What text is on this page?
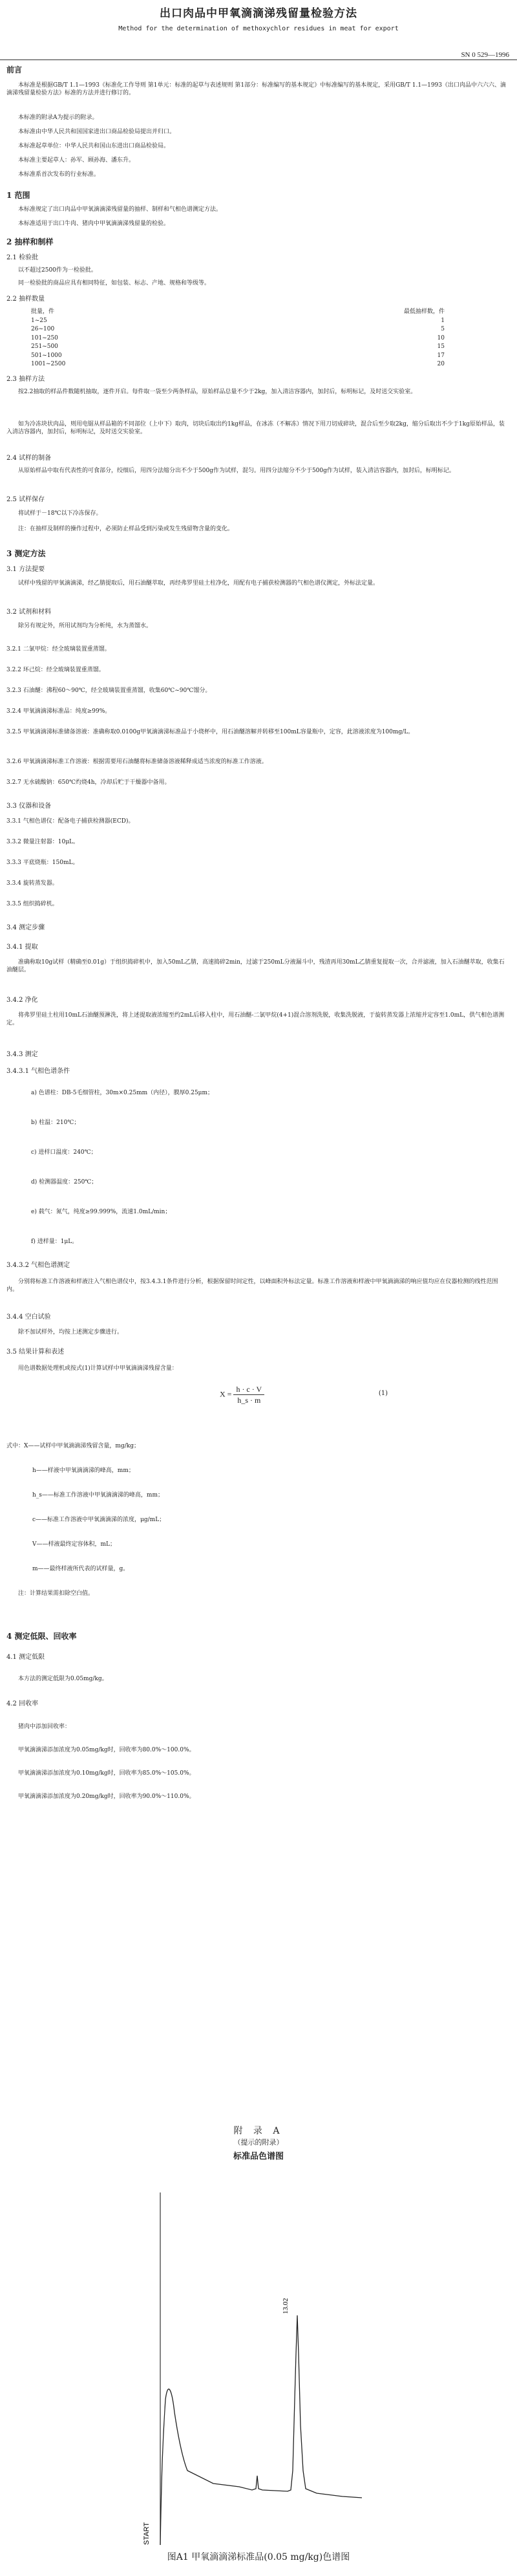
出口肉品中甲氧滴滴涕残留量检验方法
Method for the determination of methoxychlor residues in meat for export
SN 0 529—1996
前言
本标准是根据GB/T 1.1—1993《标准化工作导则 第1单元：标准的起草与表述规则 第1部分：标准编写的基本规定》中标准编写的基本规定，采用GB/T 1.1—1993《出口肉品中六六六、滴滴涕残留量检验方法》标准的方法并进行修订的。
本标准的附录A为提示的附录。
本标准由中华人民共和国国家进出口商品检验局提出并归口。
本标准起草单位：中华人民共和国山东进出口商品检验局。
本标准主要起草人：孙军、顾孙海、潘东升。
本标准系首次发布的行业标准。
1 范围
本标准规定了出口肉品中甲氧滴滴涕残留量的抽样、制样和气相色谱测定方法。
本标准适用于出口牛肉、猪肉中甲氧滴滴涕残留量的检验。
2 抽样和制样
2.1 检验批
以不超过2500件为一检验批。
同一检验批的商品应具有相同特征，如包装、标志、产地、规格和等级等。
2.2 抽样数量
批量，件	最低抽样数，件
1~25	1
26~100	5
101~250	10
251~500	15
501~1000	17
1001~2500	20
2.3 抽样方法
按2.2抽取的样品件数随机抽取，逐件开启。每件取一袋至少两条样品，原始样品总量不少于2kg，加入清洁容器内，加封后，标明标记，及时送交实验室。
如为冷冻块状肉品，则用电锯从样品箱的不同部位（上中下）取肉，切块后取出约1kg样品，在冰冻（不解冻）情况下用刀切成碎块，混合后至少取2kg，缩分后取出不少于1kg原始样品，装入清洁容器内，加封后，标明标记，及时送交实验室。
2.4 试样的制备
从原始样品中取有代表性的可食部分，绞细后，用四分法缩分出不少于500g作为试样，混匀。用四分法缩分不少于500g作为试样，装入清洁容器内，加封后，标明标记。
2.5 试样保存
将试样于－18℃以下冷冻保存。
注：在抽样及制样的操作过程中，必须防止样品受到污染或发生残留物含量的变化。
3 测定方法
3.1 方法提要
试样中残留的甲氧滴滴涕，经乙腈提取后，用石油醚萃取，再经弗罗里硅土柱净化，用配有电子捕获检测器的气相色谱仪测定，外标法定量。
3.2 试剂和材料
除另有规定外，所用试剂均为分析纯，水为蒸馏水。
3.2.1 二氯甲烷：经全玻璃装置重蒸馏。
3.2.2 环己烷：经全玻璃装置重蒸馏。
3.2.3 石油醚：沸程60～90℃，经全玻璃装置重蒸馏，收集60℃~90℃馏分。
3.2.4 甲氧滴滴涕标准品：纯度≥99%。
3.2.5 甲氧滴滴涕标准储备溶液：准确称取0.0100g甲氧滴滴涕标准品于小烧杯中，用石油醚溶解并转移至100mL容量瓶中，定容，此溶液浓度为100mg/L。
3.2.6 甲氧滴滴涕标准工作溶液：根据需要用石油醚将标准储备溶液稀释成适当浓度的标准工作溶液。
3.2.7 无水硫酸钠：650℃灼烧4h，冷却后贮于干燥器中备用。
3.3 仪器和设备
3.3.1 气相色谱仪：配备电子捕获检测器(ECD)。
3.3.2 微量注射器：10μL。
3.3.3 平底烧瓶：150mL。
3.3.4 旋转蒸发器。
3.3.5 组织捣碎机。
3.4 测定步骤
3.4.1 提取
准确称取10g试样（精确至0.01g）于组织捣碎机中，加入50mL乙腈，高速捣碎2min，过滤于250mL分液漏斗中，残渣再用30mL乙腈重复提取一次，合并滤液，加入石油醚萃取，收集石油醚层。
3.4.2 净化
将弗罗里硅土柱用10mL石油醚预淋洗，将上述提取液浓缩至约2mL后移入柱中，用石油醚-二氯甲烷(4+1)混合溶剂洗脱，收集洗脱液，于旋转蒸发器上浓缩并定容至1.0mL，供气相色谱测定。
3.4.3 测定
3.4.3.1 气相色谱条件
a) 色谱柱：DB-5毛细管柱，30m×0.25mm（内径），膜厚0.25μm；
b) 柱温：210℃；
c) 进样口温度：240℃；
d) 检测器温度：250℃；
e) 载气：氮气，纯度≥99.999%，流速1.0mL/min；
f) 进样量：1μL。
3.4.3.2 气相色谱测定
分别将标准工作溶液和样液注入气相色谱仪中，按3.4.3.1条件进行分析，根据保留时间定性，以峰面积外标法定量。标准工作溶液和样液中甲氧滴滴涕的响应值均应在仪器检测的线性范围内。
3.4.4 空白试验
除不加试样外，均按上述测定步骤进行。
3.5 结果计算和表述
用色谱数据处理机或按式(1)计算试样中甲氧滴滴涕残留含量：
$X = \frac{h \cdot c \cdot V}{h\_s \cdot m}$	(1)
式中：X——试样中甲氧滴滴涕残留含量，mg/kg；
h——样液中甲氧滴滴涕的峰高，mm；
h_s——标准工作溶液中甲氧滴滴涕的峰高，mm；
c——标准工作溶液中甲氧滴滴涕的浓度，μg/mL；
V——样液最终定容体积，mL；
m——最终样液所代表的试样量，g。
注：计算结果需扣除空白值。
4 测定低限、回收率
4.1 测定低限
本方法的测定低限为0.05mg/kg。
4.2 回收率
猪肉中添加回收率：
甲氧滴滴涕添加浓度为0.05mg/kg时，回收率为80.0%～100.0%。
甲氧滴滴涕添加浓度为0.10mg/kg时，回收率为85.0%～105.0%。
甲氧滴滴涕添加浓度为0.20mg/kg时，回收率为90.0%～110.0%。
附 录 A
（提示的附录）
标准品色谱图
13.02
START
图A1 甲氧滴滴涕标准品(0.05 mg/kg)色谱图
